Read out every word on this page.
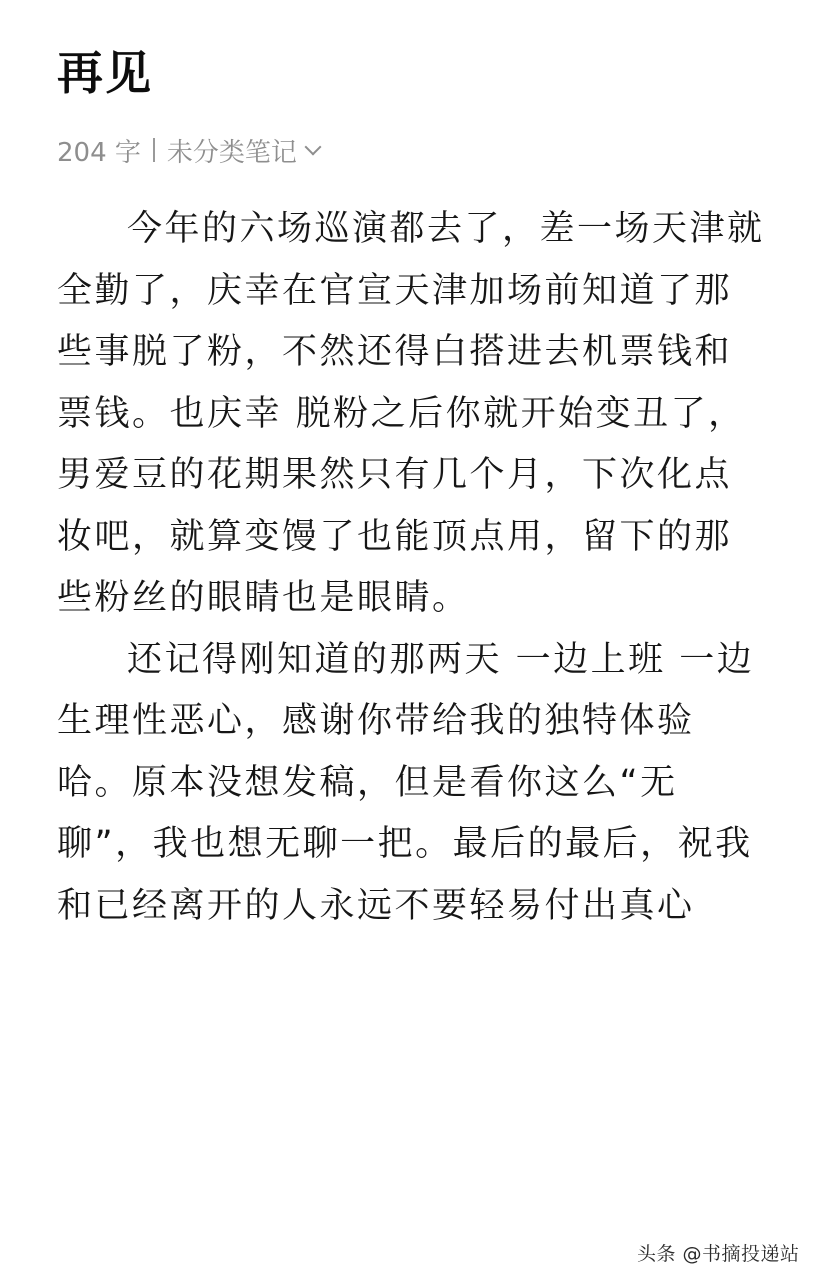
再见
204 字 未分类笔记

今年的六场巡演都去了，差一场天津就全勤了，庆幸在官宣天津加场前知道了那些事脱了粉，不然还得白搭进去机票钱和票钱。也庆幸 脱粉之后你就开始变丑了，男爱豆的花期果然只有几个月，下次化点妆吧，就算变馒了也能顶点用，留下的那些粉丝的眼睛也是眼睛。

还记得刚知道的那两天 一边上班 一边生理性恶心，感谢你带给我的独特体验哈。原本没想发稿，但是看你这么“无聊”，我也想无聊一把。最后的最后，祝我和已经离开的人永远不要轻易付出真心

头条 @书摘投递站
